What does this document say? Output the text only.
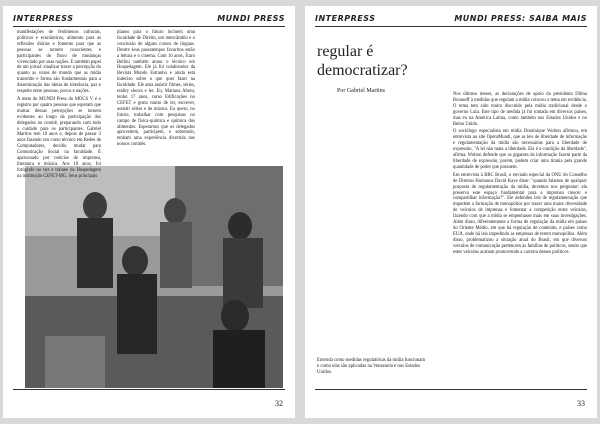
INTERPRESS	MUNDI PRESS

manifestações de fenômenos culturais, políticos e econômicos, alimento para as reflexões diárias e fomento para que as pessoas se tornem conscientes e participantes do fluxo de mudanças vivenciado por suas nações. E também papel de um jornal: sinalizar trazer a percepção do quanto as vozes de mundo que as mídia transmite e forma são fundamentais para a disseminação das ideias de tolerância, paz e respeito entre pessoas, povos e nações.

A meta do MUNDI Press do MOCS V é o registro por quatro pessoas que esperam que muitas dessas percepções se tornem evidentes ao longo da participação dos delegados no comitê, preparando com todo o cuidado para os participantes. Gabriel Martins tem 18 anos e, depois de passar 3 anos fazendo um curso técnico em Redes de Computadores, decidiu mudar para Comunicação Social na faculdade. É apaixonado por notícias de imprensa, literatura e música. Aos 18 anos, foi fotógrafo na vez e trainee da Hospedagem na instituição CEFET-MG. Seus principais

planos para o futuro incluem uma faculdade de Direito, um intercâmbio e o conclusão de alguns cursos de línguas. Dentre seus passatempos favoritos estão a leitura e o cinema. Com 16 anos, Ícaro Bellini também atuou o técnico em Hospedagem. Ele já foi colaborador da Revista Mundo Estranho e ainda está indeciso sobre o que quer fazer na faculdade. Ele ama assistir filmes, séries, reality shows e ler. Eu, Mariana Abreu, tenho 17 anos, curso Edificações no CEFET e gosto muito de ler, escrever, assistir séries e de música. Eu quero, no futuro, trabalhar com pesquisas no campo de física-química e química dos alimentos. Esperamos que os delegados aproveitem, participem, e sobretudo, tenham uma experiência divertida nos nossos comitês.

32
INTERPRESS	MUNDI PRESS: SAIBA MAIS
regular é democratizar?
Por Gabriel Martins

Nos últimos meses, as declarações de apoio da presidenta Dilma Rousseff à medidas que regulam a mídia colocou o tema em evidência. O tema tem sido muito discutido pela mídia tradicional desde o governo Lula. Este tipo de medida já foi tomada em diversos países, mas eu na América Latina, como também nos Estados Unidos e no Reino Unido.

O sociólogo especialista em mídia Dominique Wolton afirmou, em entrevista ao site OperaMundi, que as leis de liberdade de informação e regulamentação da mídia são necessárias para a liberdade de expressão, "A lei não mata a liberdade. Ela é a condição da liberdade", afirma. Wolton defende que os gigantes da informação fazem parte da liberdade de expressão, porém, podem criar uma tirania pela grande quantidade de poder que possuem.

Em entrevista à BBC Brasil, o enviado especial da ONU do Conselho de Direitos Humanos David Kaye disse: "quando falamos de qualquer proposta de regulamentação da mídia, devemos nos perguntar: ela preserva este espaço fundamental para a imprensa crescer e compartilhar informação?". Ele defendeu leis de regulamentação que impedem a formação de monopólios por trazer uma maior diversidade de veículos de imprensa e fomentar a competição entre veículos, fazendo com que a mídia se empenhasse mais em suas investigações. Além disso, diferentemente a forma de regulação da mídia em países do Oriente Médio, em que há regulação de conteúdo, e países como EUA, onde há leis impedindo as empresas de terem monopólios. Além disso, problematizou a situação atual do Brasil, em que diversos veículos de comunicação pertencem às famílias de políticos, sendo que estes veículos acabam promovendo a carreira desses políticos.

Entenda como medidas regulatórias da mídia funcionam e como elas são aplicadas na Venezuela e nos Estados Unidos.
33
